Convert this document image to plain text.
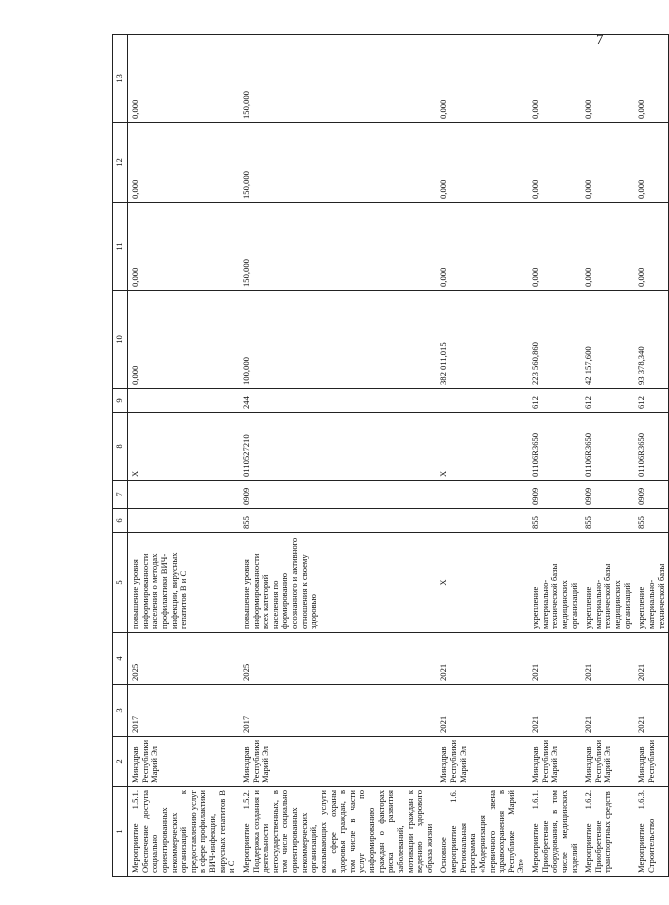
7
1	2	3	4	5	6	7	8	9	10	11	12	13
Мероприятие 1.5.1. Обеспечение доступа социально ориентированных некоммерческих организаций к предоставлению услуг в сфере профилактики ВИЧ-инфекции, вирусных гепатитов В и С	Минздрав Республики Марий Эл	2017	2025	повышение уровня информированности населения о методах профилактики ВИЧ-инфекции, вирусных гепатитов В и С			Х		0,000	0,000	0,000	0,000
Мероприятие 1.5.2. Поддержка создания и деятельности негосударственных, в том числе социально ориентированных некоммерческих организаций, оказывающих услуги в сфере охраны здоровья граждан, в том числе в части услуг по информированию граждан о факторах риска развития заболеваний, мотивации граждан к ведению здорового образа жизни	Минздрав Республики Марий Эл	2017	2025	повышение уровня информированности всех категорий населения по формированию осознанного и активного отношения к своему здоровью	855	0909	0110527210	244	100,000	150,000	150,000	150,000
Основное мероприятие 1.6. Региональная программа «Модернизация первичного звена здравоохранения в Республике Марий Эл»	Минздрав Республики Марий Эл	2021	2021	Х			Х		382 011,015	0,000	0,000	0,000
Мероприятие 1.6.1. Приобретение оборудования, в том числе медицинских изделий	Минздрав Республики Марий Эл	2021	2021	укрепление материально-технической базы медицинских организаций	855	0909	01106R3650	612	223 560,860	0,000	0,000	0,000
Мероприятие 1.6.2. Приобретение транспортных средств	Минздрав Республики Марий Эл	2021	2021	укрепление материально-технической базы медицинских организаций	855	0909	01106R3650	612	42 157,600	0,000	0,000	0,000
Мероприятие 1.6.3. Строительство	Минздрав Республики	2021	2021	укрепление материально-технической базы	855	0909	01106R3650	612	93 378,340	0,000	0,000	0,000
